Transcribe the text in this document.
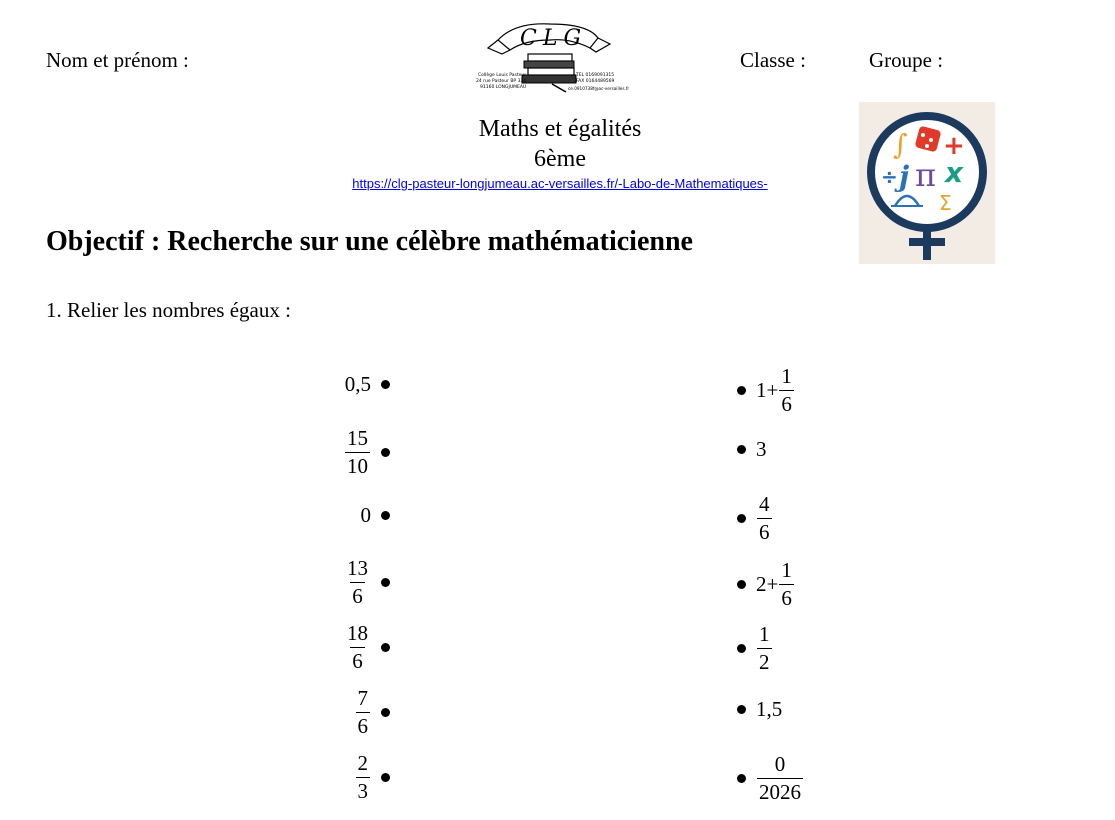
Nom et prénom :	Classe :	Groupe :
CLG
Collège Louis Pasteur
24 rue Pasteur BP 334
91160 LONGJUMEAU
TEL 0169091315
FAX 0164489569
ce.0910738f@ac-versailles.fr
Maths et égalités
6ème
https://clg-pasteur-longjumeau.ac-versailles.fr/-Labo-de-Mathematiques-
∫ +
÷ j π x
Σ
Objectif : Recherche sur une célèbre mathématicienne
1. Relier les nombres égaux :
0,5
$\frac{15}{10}$
0
$\frac{13}{6}$
$\frac{18}{6}$
$\frac{7}{6}$
$\frac{2}{3}$
$1+ \frac{1}{6}$
3
$\frac{4}{6}$
$2+ \frac{1}{6}$
$\frac{1}{2}$
1,5
$\frac{0}{2026}$
